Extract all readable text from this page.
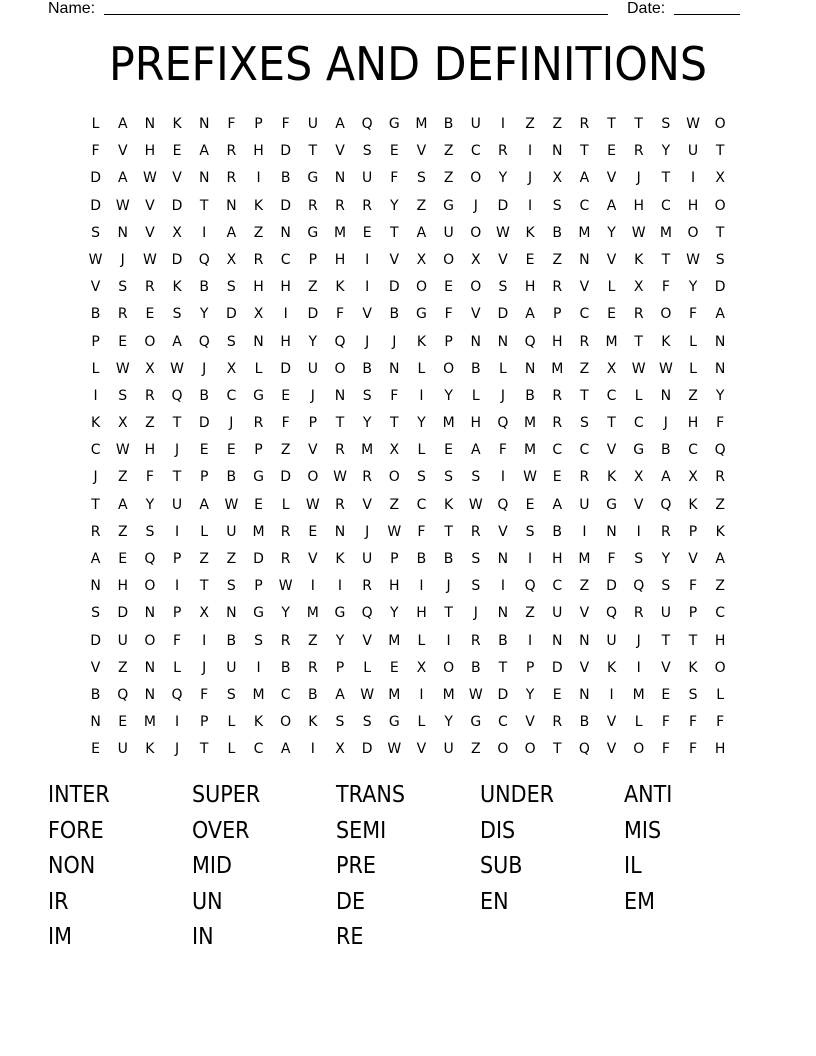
Name:	Date:
PREFIXES AND DEFINITIONS
L	A	N	K	N	F	P	F	U	A	Q	G	M	B	U	I	Z	Z	R	T	T	S	W	O
F	V	H	E	A	R	H	D	T	V	S	E	V	Z	C	R	I	N	T	E	R	Y	U	T
D	A	W	V	N	R	I	B	G	N	U	F	S	Z	O	Y	J	X	A	V	J	T	I	X
D	W	V	D	T	N	K	D	R	R	R	Y	Z	G	J	D	I	S	C	A	H	C	H	O
S	N	V	X	I	A	Z	N	G	M	E	T	A	U	O	W	K	B	M	Y	W	M	O	T
W	J	W	D	Q	X	R	C	P	H	I	V	X	O	X	V	E	Z	N	V	K	T	W	S
V	S	R	K	B	S	H	H	Z	K	I	D	O	E	O	S	H	R	V	L	X	F	Y	D
B	R	E	S	Y	D	X	I	D	F	V	B	G	F	V	D	A	P	C	E	R	O	F	A
P	E	O	A	Q	S	N	H	Y	Q	J	J	K	P	N	N	Q	H	R	M	T	K	L	N
L	W	X	W	J	X	L	D	U	O	B	N	L	O	B	L	N	M	Z	X	W W	L	N
I	S	R	Q	B	C	G	E	J	N	S	F	I	Y	L	J	B	R	T	C	L	N	Z	Y
K	X	Z	T	D	J	R	F	P	T	Y	T	Y	M	H	Q	M	R	S	T	C	J	H	F
C	W	H	J	E	E	P	Z	V	R	M	X	L	E	A	F	M	C	C	V	G	B	C	Q
J	Z	F	T	P	B	G	D	O	W	R	O	S	S	S	I	W	E	R	K	X	A	X	R
T	A	Y	U	A	W	E	L	W	R	V	Z	C	K	W	Q	E	A	U	G	V	Q	K	Z
R	Z	S	I	L	U	M	R	E	N	J	W	F	T	R	V	S	B	I	N	I	R	P	K
A	E	Q	P	Z	Z	D	R	V	K	U	P	B	B	S	N	I	H	M	F	S	Y	V	A
N	H	O	I	T	S	P	W	I	I	R	H	I	J	S	I	Q	C	Z	D	Q	S	F	Z
S	D	N	P	X	N	G	Y	M	G	Q	Y	H	T	J	N	Z	U	V	Q	R	U	P	C
D	U	O	F	I	B	S	R	Z	Y	V	M	L	I	R	B	I	N	N	U	J	T	T	H
V	Z	N	L	J	U	I	B	R	P	L	E	X	O	B	T	P	D	V	K	I	V	K	O
B	Q	N	Q	F	S	M	C	B	A	W	M	I	M	W	D	Y	E	N	I	M	E	S	L
N	E	M	I	P	L	K	O	K	S	S	G	L	Y	G	C	V	R	B	V	L	F	F	F
E	U	K	J	T	L	C	A	I	X	D	W	V	U	Z	O	O	T	Q	V	O	F	F	H
INTER	SUPER	TRANS	UNDER	ANTI
FORE	OVER	SEMI	DIS	MIS
NON	MID	PRE	SUB	IL
IR	UN	DE	EN	EM
IM	IN	RE
